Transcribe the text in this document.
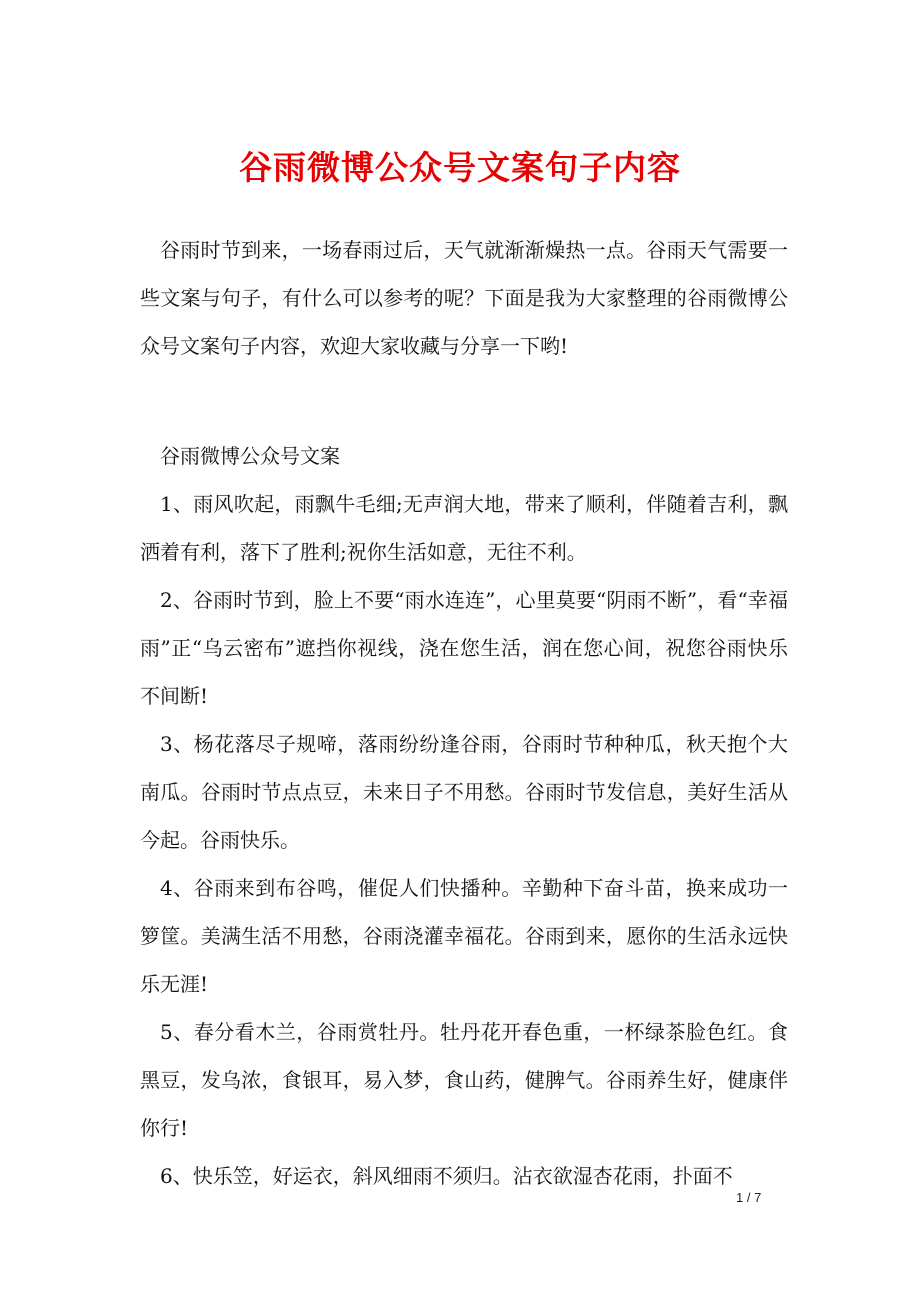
谷雨微博公众号文案句子内容

谷雨时节到来，一场春雨过后，天气就渐渐燥热一点。谷雨天气需要一些文案与句子，有什么可以参考的呢？下面是我为大家整理的谷雨微博公众号文案句子内容，欢迎大家收藏与分享一下哟!

谷雨微博公众号文案

1、雨风吹起，雨飘牛毛细;无声润大地，带来了顺利，伴随着吉利，飘洒着有利，落下了胜利;祝你生活如意，无往不利。

2、谷雨时节到，脸上不要“雨水连连”，心里莫要“阴雨不断”，看“幸福雨”正“乌云密布”遮挡你视线，浇在您生活，润在您心间，祝您谷雨快乐不间断!

3、杨花落尽子规啼，落雨纷纷逢谷雨，谷雨时节种种瓜，秋天抱个大南瓜。谷雨时节点点豆，未来日子不用愁。谷雨时节发信息，美好生活从今起。谷雨快乐。

4、谷雨来到布谷鸣，催促人们快播种。辛勤种下奋斗苗，换来成功一箩筐。美满生活不用愁，谷雨浇灌幸福花。谷雨到来，愿你的生活永远快乐无涯!

5、春分看木兰，谷雨赏牡丹。牡丹花开春色重，一杯绿茶脸色红。食黑豆，发乌浓，食银耳，易入梦，食山药，健脾气。谷雨养生好，健康伴你行!

6、快乐笠，好运衣，斜风细雨不须归。沾衣欲湿杏花雨，扑面不

1 / 7
